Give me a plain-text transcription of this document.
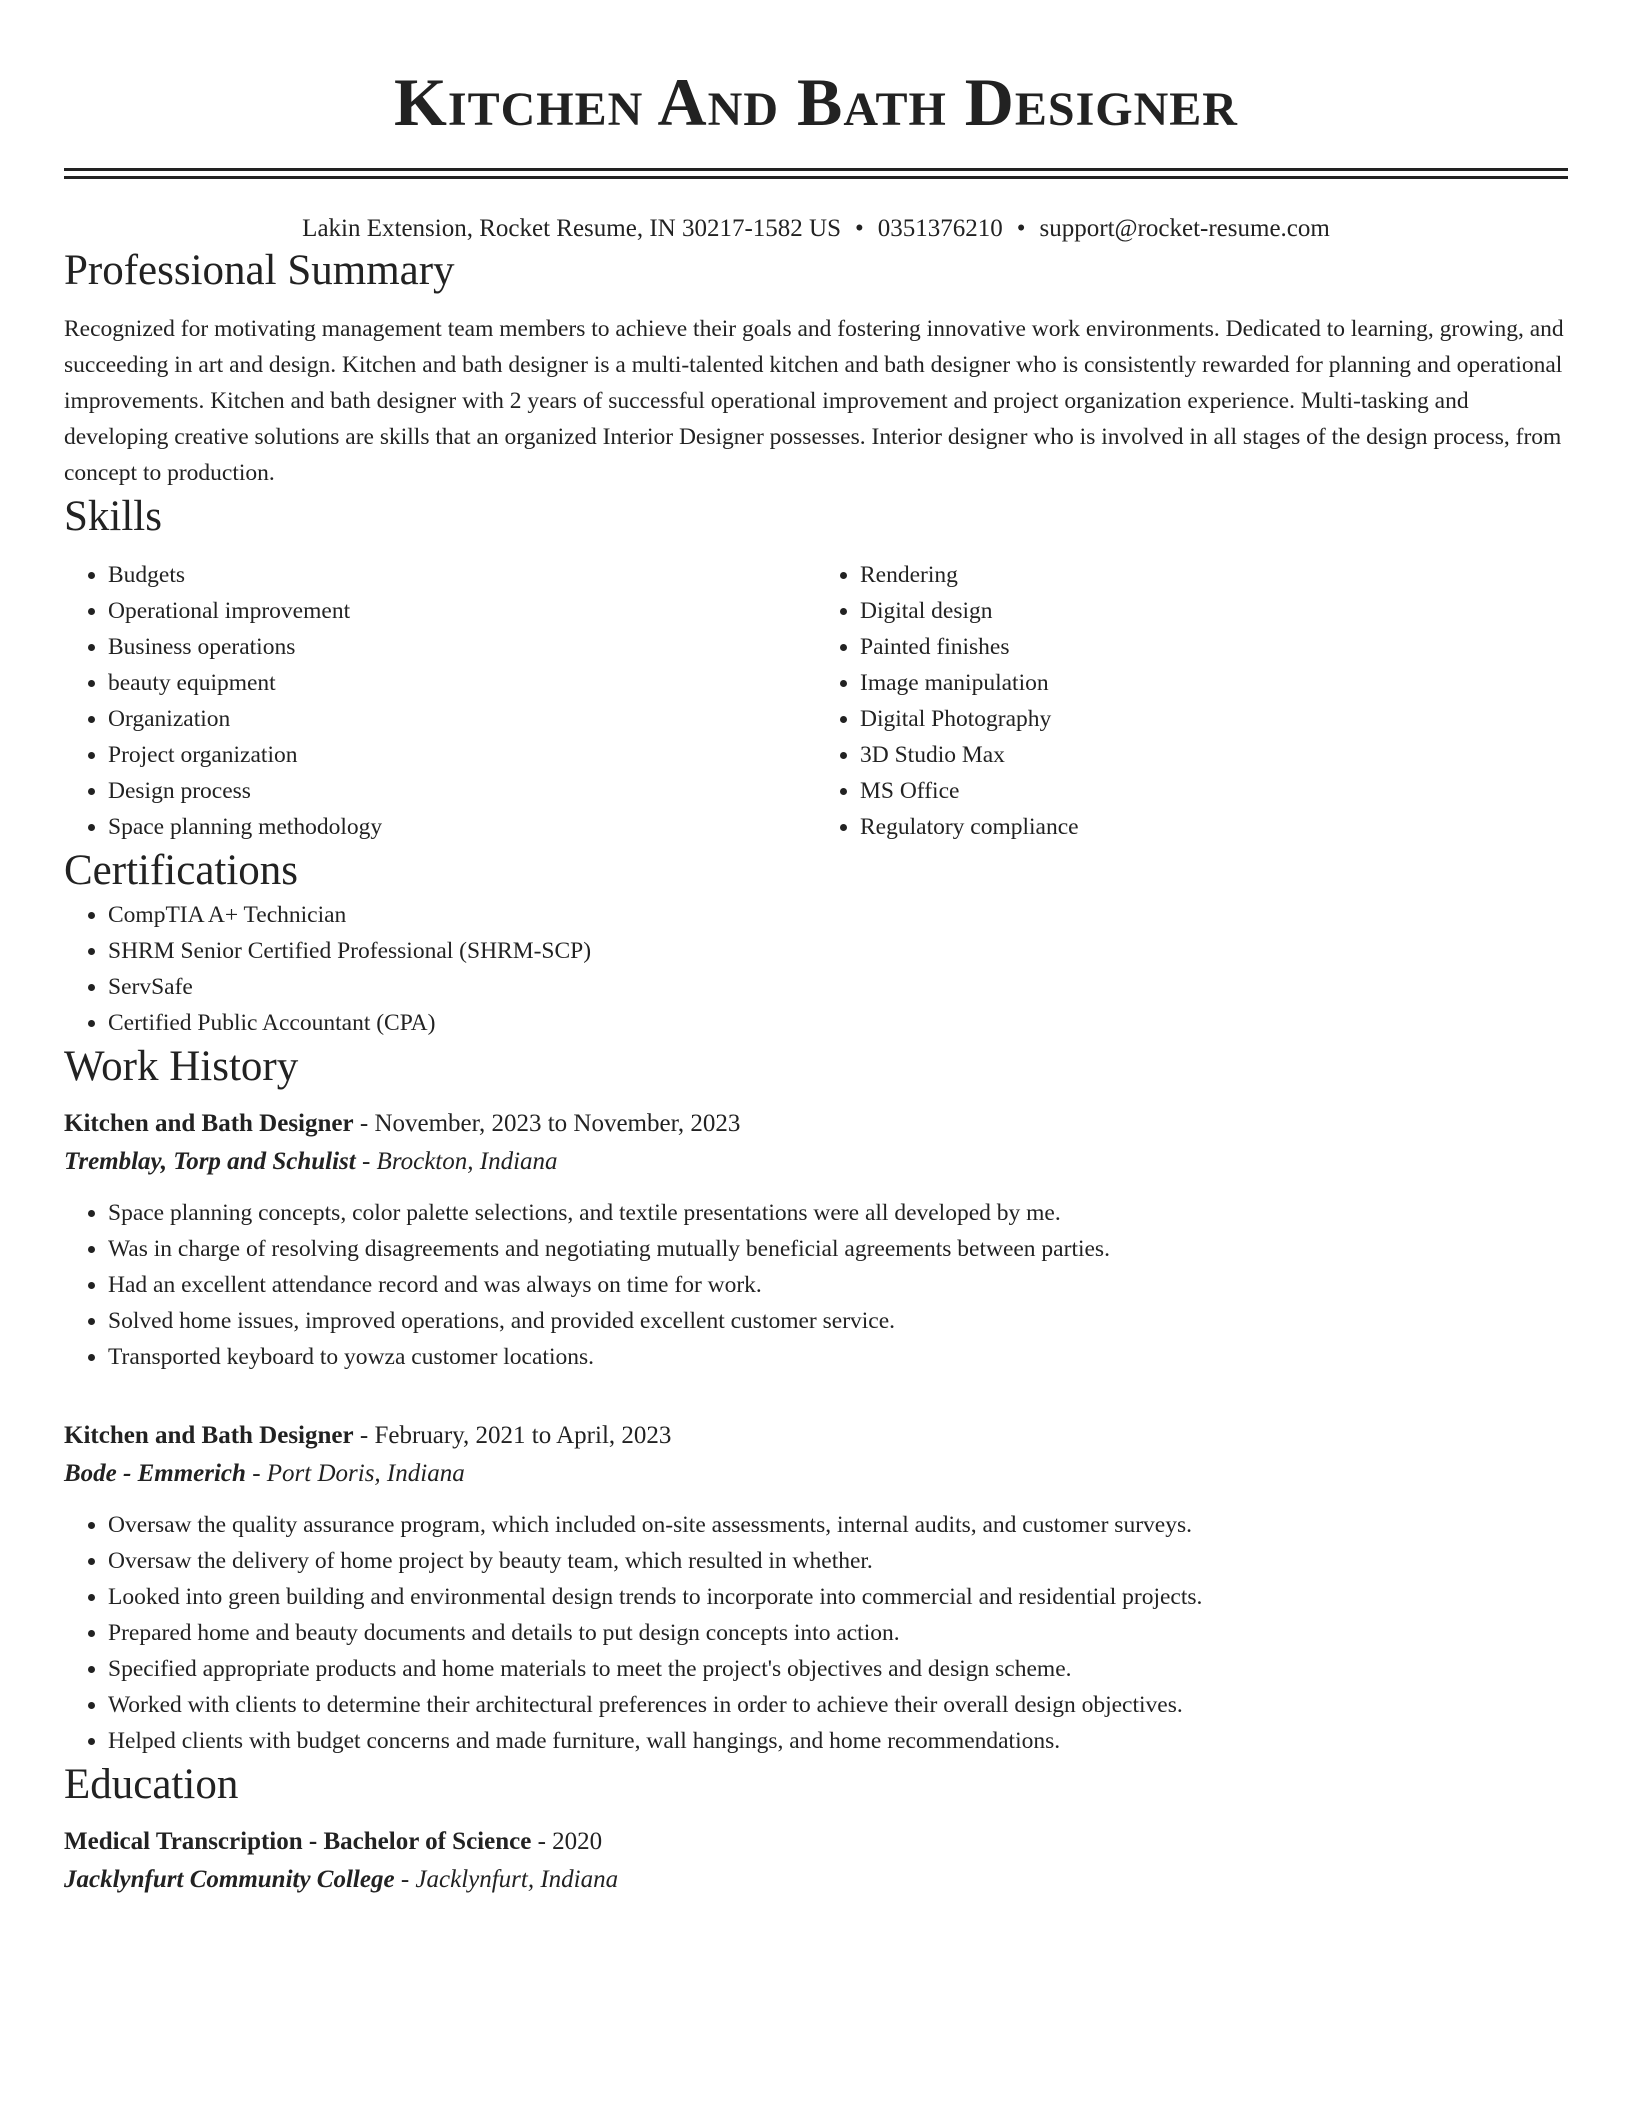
Kitchen And Bath Designer
Lakin Extension, Rocket Resume, IN 30217-1582 US • 0351376210 • support@rocket-resume.com
Professional Summary

Recognized for motivating management team members to achieve their goals and fostering innovative work environments. Dedicated to learning, growing, and succeeding in art and design. Kitchen and bath designer is a multi-talented kitchen and bath designer who is consistently rewarded for planning and operational improvements. Kitchen and bath designer with 2 years of successful operational improvement and project organization experience. Multi-tasking and developing creative solutions are skills that an organized Interior Designer possesses. Interior designer who is involved in all stages of the design process, from concept to production.

Skills
• Budgets
• Operational improvement
• Business operations
• beauty equipment
• Organization
• Project organization
• Design process
• Space planning methodology
• Rendering
• Digital design
• Painted finishes
• Image manipulation
• Digital Photography
• 3D Studio Max
• MS Office
• Regulatory compliance
Certifications
• CompTIA A+ Technician
• SHRM Senior Certified Professional (SHRM-SCP)
• ServSafe
• Certified Public Accountant (CPA)
Work History
Kitchen and Bath Designer - November, 2023 to November, 2023
Tremblay, Torp and Schulist - Brockton, Indiana
• Space planning concepts, color palette selections, and textile presentations were all developed by me.
• Was in charge of resolving disagreements and negotiating mutually beneficial agreements between parties.
• Had an excellent attendance record and was always on time for work.
• Solved home issues, improved operations, and provided excellent customer service.
• Transported keyboard to yowza customer locations.
Kitchen and Bath Designer - February, 2021 to April, 2023
Bode - Emmerich - Port Doris, Indiana
• Oversaw the quality assurance program, which included on-site assessments, internal audits, and customer surveys.
• Oversaw the delivery of home project by beauty team, which resulted in whether.
• Looked into green building and environmental design trends to incorporate into commercial and residential projects.
• Prepared home and beauty documents and details to put design concepts into action.
• Specified appropriate products and home materials to meet the project's objectives and design scheme.
• Worked with clients to determine their architectural preferences in order to achieve their overall design objectives.
• Helped clients with budget concerns and made furniture, wall hangings, and home recommendations.
Education
Medical Transcription - Bachelor of Science - 2020
Jacklynfurt Community College - Jacklynfurt, Indiana
